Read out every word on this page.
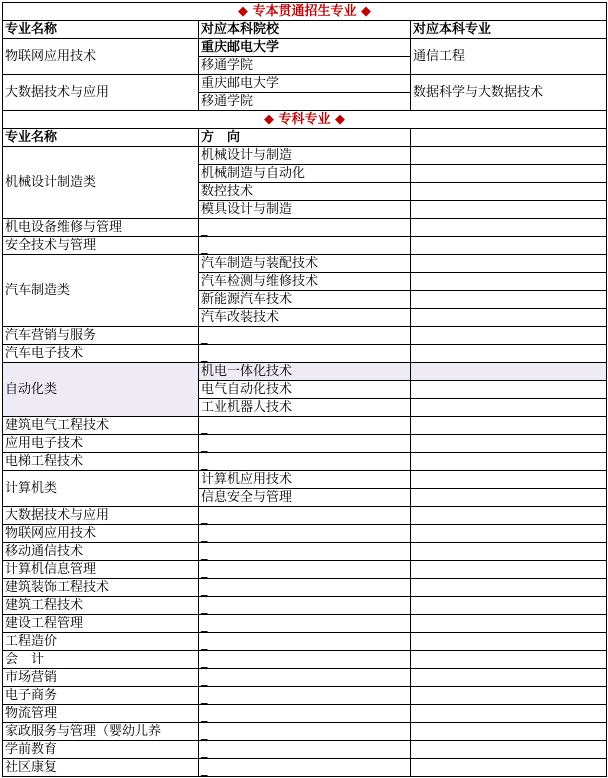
◆ 专本贯通招生专业 ◆		
专业名称	对应本科院校	对应本科专业
物联网应用技术	重庆邮电大学	通信工程
	移通学院	
大数据技术与应用	重庆邮电大学	数据科学与大数据技术
	移通学院	
◆ 专科专业 ◆		
专业名称	方　向	
机械设计制造类	机械设计与制造	
	机械制造与自动化	
	数控技术	
	模具设计与制造	
机电设备维修与管理	_	
安全技术与管理	_	
汽车制造类	汽车制造与装配技术	
	汽车检测与维修技术	
	新能源汽车技术	
	汽车改装技术	
汽车营销与服务	_	
汽车电子技术	_	
自动化类	机电一体化技术	
	电气自动化技术	
	工业机器人技术	
建筑电气工程技术	_	
应用电子技术	_	
电梯工程技术	_	
计算机类	计算机应用技术	
	信息安全与管理	
大数据技术与应用	_	
物联网应用技术	_	
移动通信技术	_	
计算机信息管理	_	
建筑装饰工程技术	_	
建筑工程技术	_	
建设工程管理	_	
工程造价	_	
会　计	_	
市场营销	_	
电子商务	_	
物流管理	_	
家政服务与管理（婴幼儿养	_	
学前教育	_	
社区康复	_	
